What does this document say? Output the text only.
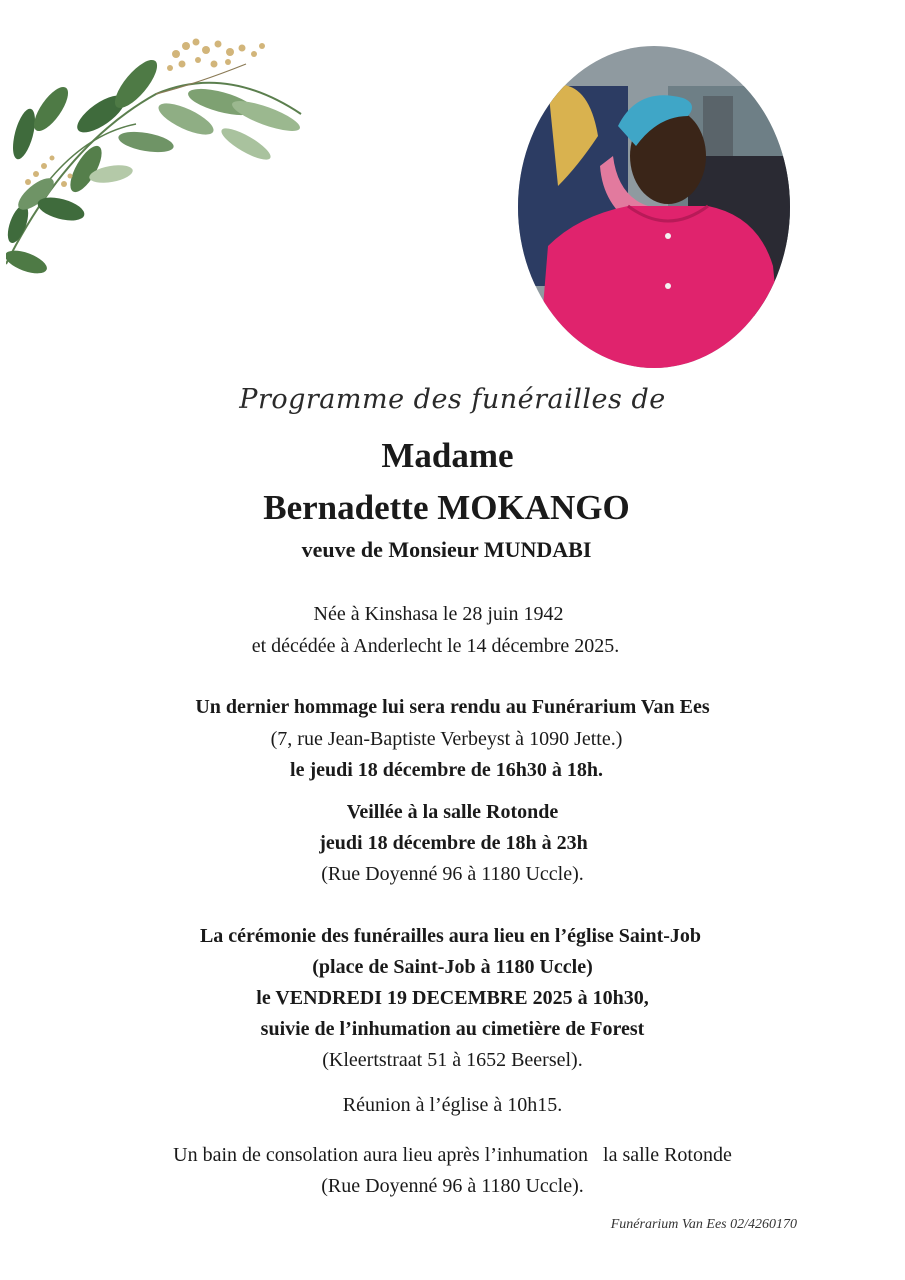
Programme des funérailles de
Madame
Bernadette MOKANGO
veuve de Monsieur MUNDABI
Née à Kinshasa le 28 juin 1942
et décédée à Anderlecht le 14 décembre 2025.
Un dernier hommage lui sera rendu au Funérarium Van Ees
(7, rue Jean-Baptiste Verbeyst à 1090 Jette.)
le jeudi 18 décembre de 16h30 à 18h.
Veillée à la salle Rotonde
jeudi 18 décembre de 18h à 23h
(Rue Doyenné 96 à 1180 Uccle).
La cérémonie des funérailles aura lieu en l’église Saint-Job
(place de Saint-Job à 1180 Uccle)
le VENDREDI 19 DECEMBRE 2025 à 10h30,
suivie de l’inhumation au cimetière de Forest
(Kleertstraat 51 à 1652 Beersel).
Réunion à l’église à 10h15.
Un bain de consolation aura lieu après l’inhumation   la salle Rotonde
(Rue Doyenné 96 à 1180 Uccle).
Funérarium Van Ees 02/4260170
